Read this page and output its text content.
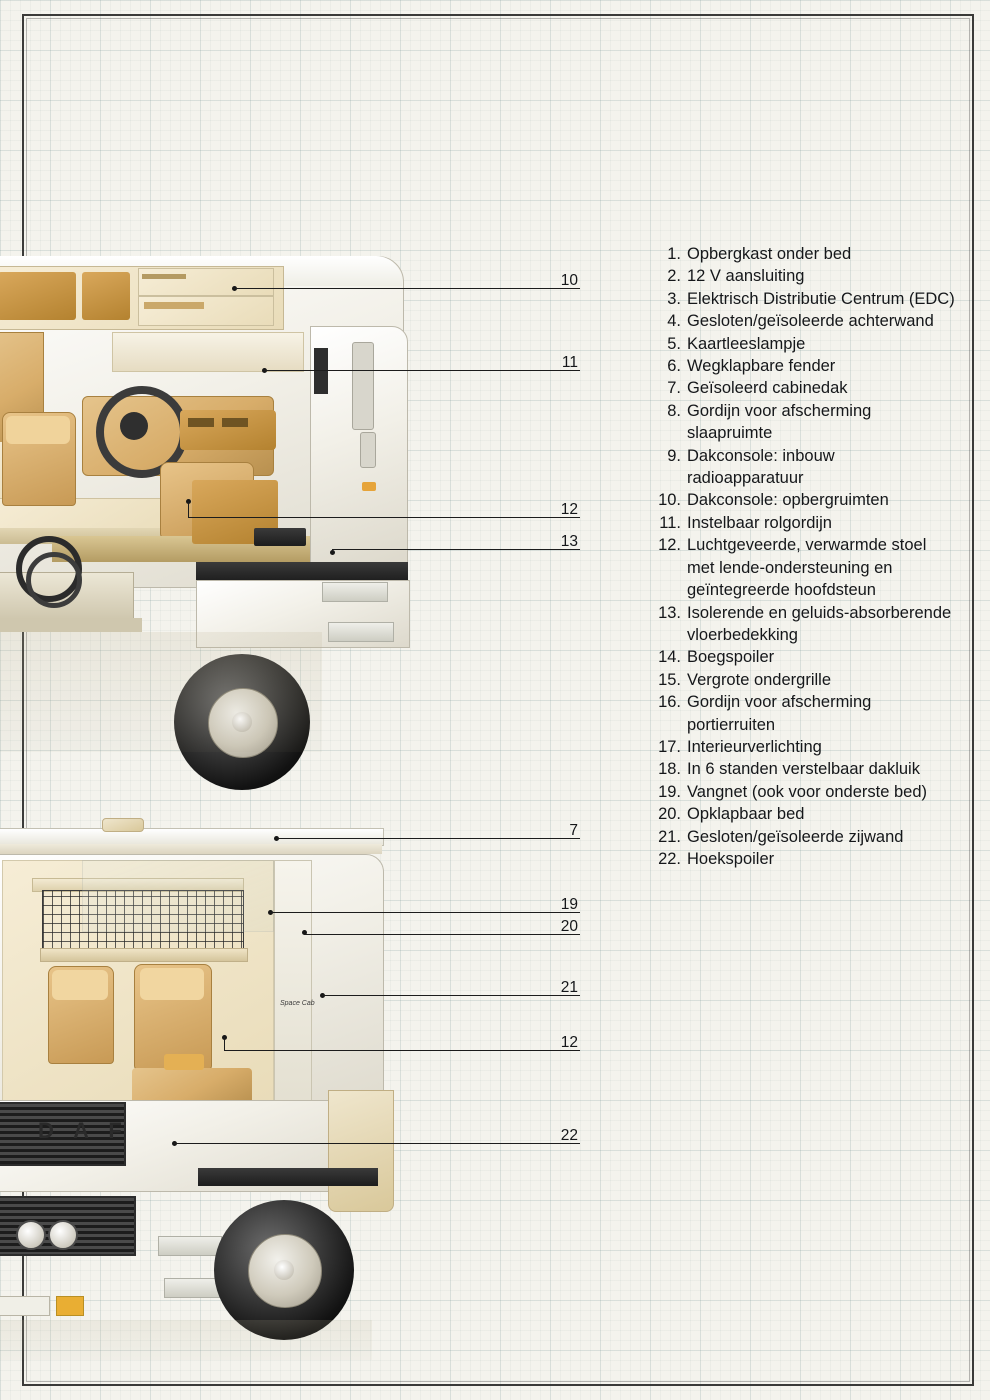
Space Cab
D A F
10
11
12
13
7
19
20
21
12
22
1. Opbergkast onder bed
2. 12 V aansluiting
3. Elektrisch Distributie Centrum (EDC)
4. Gesloten/geïsoleerde achterwand
5. Kaartleeslampje
6. Wegklapbare fender
7. Geïsoleerd cabinedak
8. Gordijn voor afscherming slaapruimte
9. Dakconsole: inbouw radioapparatuur
10. Dakconsole: opbergruimten
11. Instelbaar rolgordijn
12. Luchtgeveerde, verwarmde stoel met lende-ondersteuning en geïntegreerde hoofdsteun
13. Isolerende en geluids-absorberende vloerbedekking
14. Boegspoiler
15. Vergrote ondergrille
16. Gordijn voor afscherming portierruiten
17. Interieurverlichting
18. In 6 standen verstelbaar dakluik
19. Vangnet (ook voor onderste bed)
20. Opklapbaar bed
21. Gesloten/geïsoleerde zijwand
22. Hoekspoiler
